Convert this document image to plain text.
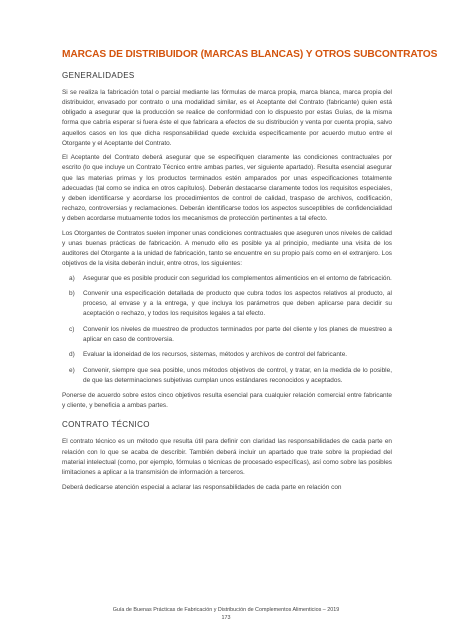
MARCAS DE DISTRIBUIDOR (MARCAS BLANCAS) Y OTROS SUBCONTRATOS
GENERALIDADES

Si se realiza la fabricación total o parcial mediante las fórmulas de marca propia, marca blanca, marca propia del distribuidor, envasado por contrato o una modalidad similar, es el Aceptante del Contrato (fabricante) quien está obligado a asegurar que la producción se realice de conformidad con lo dispuesto por estas Guías, de la misma forma que cabría esperar si fuera éste el que fabricara a efectos de su distribución y venta por cuenta propia, salvo aquellos casos en los que dicha responsabilidad quede excluida específicamente por acuerdo mutuo entre el Otorgante y el Aceptante del Contrato.

El Aceptante del Contrato deberá asegurar que se especifiquen claramente las condiciones contractuales por escrito (lo que incluye un Contrato Técnico entre ambas partes, ver siguiente apartado). Resulta esencial asegurar que las materias primas y los productos terminados estén amparados por unas especificaciones totalmente adecuadas (tal como se indica en otros capítulos). Deberán destacarse claramente todos los requisitos especiales, y deben identificarse y acordarse los procedimientos de control de calidad, traspaso de archivos, codificación, rechazo, controversias y reclamaciones. Deberán identificarse todos los aspectos susceptibles de confidencialidad y deben acordarse mutuamente todos los mecanismos de protección pertinentes a tal efecto.

Los Otorgantes de Contratos suelen imponer unas condiciones contractuales que aseguren unos niveles de calidad y unas buenas prácticas de fabricación. A menudo ello es posible ya al principio, mediante una visita de los auditores del Otorgante a la unidad de fabricación, tanto se encuentre en su propio país como en el extranjero. Los objetivos de la visita deberán incluir, entre otros, los siguientes:

a) Asegurar que es posible producir con seguridad los complementos alimenticios en el entorno de fabricación.
b) Convenir una especificación detallada de producto que cubra todos los aspectos relativos al producto, al proceso, al envase y a la entrega, y que incluya los parámetros que deben aplicarse para decidir su aceptación o rechazo, y todos los requisitos legales a tal efecto.
c) Convenir los niveles de muestreo de productos terminados por parte del cliente y los planes de muestreo a aplicar en caso de controversia.
d) Evaluar la idoneidad de los recursos, sistemas, métodos y archivos de control del fabricante.
e) Convenir, siempre que sea posible, unos métodos objetivos de control, y tratar, en la medida de lo posible, de que las determinaciones subjetivas cumplan unos estándares reconocidos y aceptados.

Ponerse de acuerdo sobre estos cinco objetivos resulta esencial para cualquier relación comercial entre fabricante y cliente, y beneficia a ambas partes.

CONTRATO TÉCNICO

El contrato técnico es un método que resulta útil para definir con claridad las responsabilidades de cada parte en relación con lo que se acaba de describir. También deberá incluir un apartado que trate sobre la propiedad del material intelectual (como, por ejemplo, fórmulas o técnicas de procesado específicas), así como sobre las posibles limitaciones a aplicar a la transmisión de información a terceros.

Deberá dedicarse atención especial a aclarar las responsabilidades de cada parte en relación con

Guía de Buenas Prácticas de Fabricación y Distribución de Complementos Alimenticios – 2019
173
